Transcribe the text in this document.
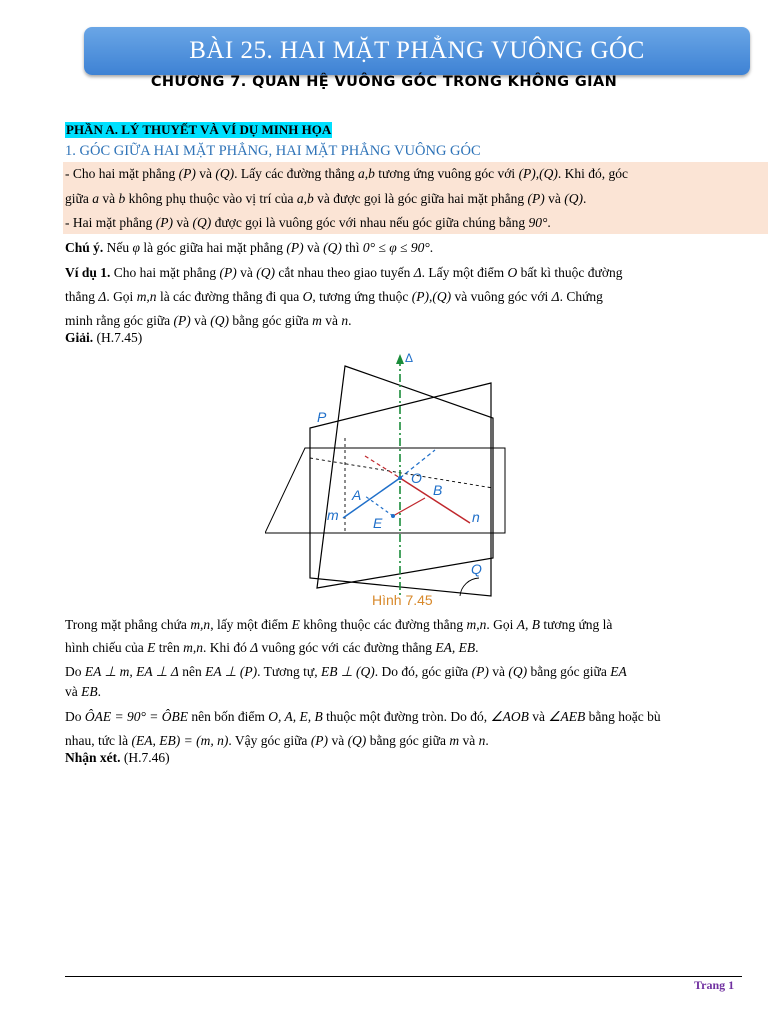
BÀI 25. HAI MẶT PHẲNG VUÔNG GÓC
CHƯƠNG 7. QUAN HỆ VUÔNG GÓC TRONG KHÔNG GIAN
PHẦN A. LÝ THUYẾT VÀ VÍ DỤ MINH HỌA
1. GÓC GIỮA HAI MẶT PHẲNG, HAI MẶT PHẲNG VUÔNG GÓC
- Cho hai mặt phẳng (P) và (Q). Lấy các đường thẳng a,b tương ứng vuông góc với (P),(Q). Khi đó, góc
giữa a và b không phụ thuộc vào vị trí của a,b và được gọi là góc giữa hai mặt phẳng (P) và (Q).
- Hai mặt phẳng (P) và (Q) được gọi là vuông góc với nhau nếu góc giữa chúng bằng 90°.
Chú ý. Nếu φ là góc giữa hai mặt phẳng (P) và (Q) thì 0° ≤ φ ≤ 90°.
Ví dụ 1. Cho hai mặt phẳng (P) và (Q) cắt nhau theo giao tuyến Δ. Lấy một điểm O bất kì thuộc đường
thẳng Δ. Gọi m,n là các đường thẳng đi qua O, tương ứng thuộc (P),(Q) và vuông góc với Δ. Chứng
minh rằng góc giữa (P) và (Q) bằng góc giữa m và n.
Giải. (H.7.45)
Δ
P
O
A	B
m E	n
Q
Hình 7.45
Trong mặt phẳng chứa m,n, lấy một điểm E không thuộc các đường thẳng m,n. Gọi A, B tương ứng là
hình chiếu của E trên m,n. Khi đó Δ vuông góc với các đường thẳng EA, EB.
Do EA ⊥ m, EA ⊥ Δ nên EA ⊥ (P). Tương tự, EB ⊥ (Q). Do đó, góc giữa (P) và (Q) bằng góc giữa EA
và EB.
Do ÔAE = 90° = ÔBE nên bốn điểm O, A, E, B thuộc một đường tròn. Do đó, ∠AOB và ∠AEB bằng hoặc bù
nhau, tức là (EA, EB) = (m, n). Vậy góc giữa (P) và (Q) bằng góc giữa m và n.
Nhận xét. (H.7.46)
Trang 1
